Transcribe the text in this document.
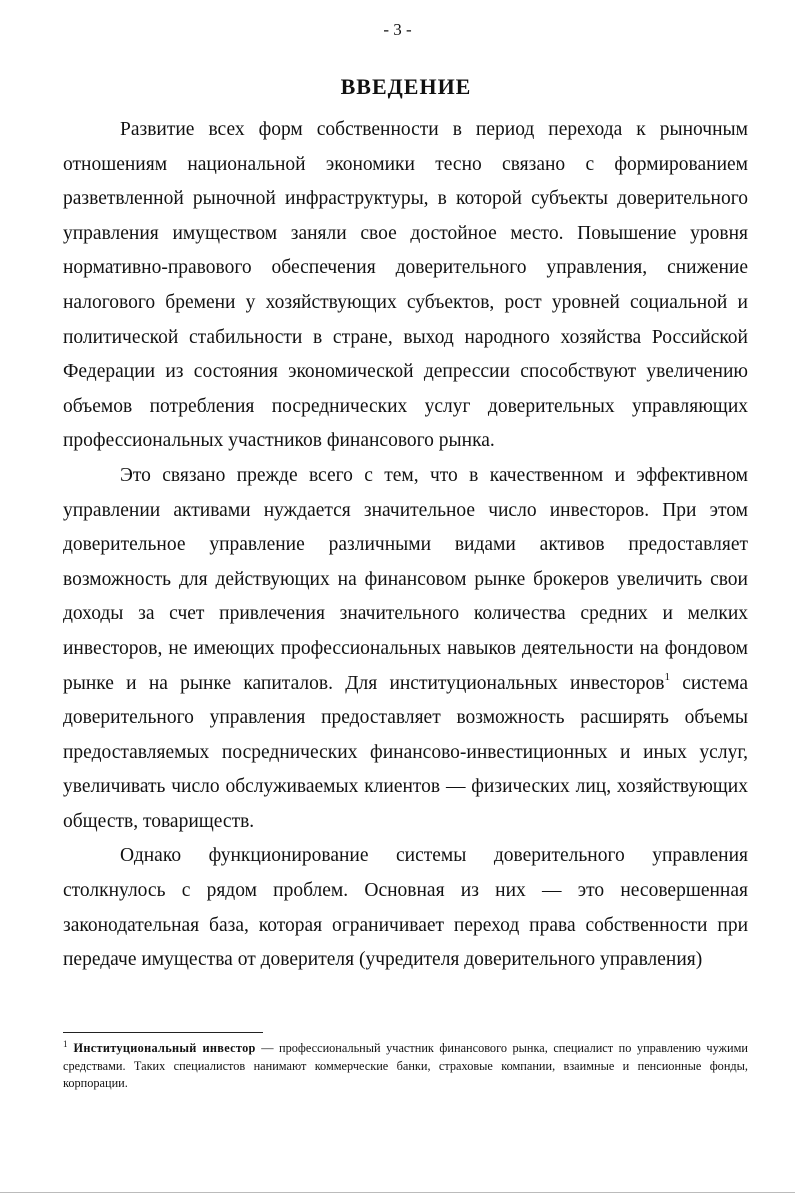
- 3 -
ВВЕДЕНИЕ

Развитие всех форм собственности в период перехода к рыночным отношениям национальной экономики тесно связано с формированием разветвленной рыночной инфраструктуры, в которой субъекты доверительного управления имуществом заняли свое достойное место. Повышение уровня нормативно-правового обеспечения доверительного управления, снижение налогового бремени у хозяйствующих субъектов, рост уровней социальной и политической стабильности в стране, выход народного хозяйства Российской Федерации из состояния экономической депрессии способствуют увеличению объемов потребления посреднических услуг доверительных управляющих профессиональных участников финансового рынка.

Это связано прежде всего с тем, что в качественном и эффективном управлении активами нуждается значительное число инвесторов. При этом доверительное управление различными видами активов предоставляет возможность для действующих на финансовом рынке брокеров увеличить свои доходы за счет привлечения значительного количества средних и мелких инвесторов, не имеющих профессиональных навыков деятельности на фондовом рынке и на рынке капиталов. Для институциональных инвесторов$^1$ система доверительного управления предоставляет возможность расширять объемы предоставляемых посреднических финансово-инвестиционных и иных услуг, увеличивать число обслуживаемых клиентов — физических лиц, хозяйствующих обществ, товариществ.

Однако функционирование системы доверительного управления столкнулось с рядом проблем. Основная из них — это несовершенная законодательная база, которая ограничивает переход права собственности при передаче имущества от доверителя (учредителя доверительного управления)

$^1$ Институциональный инвестор — профессиональный участник финансового рынка, специалист по управлению чужими средствами. Таких специалистов нанимают коммерческие банки, страховые компании, взаимные и пенсионные фонды, корпорации.
